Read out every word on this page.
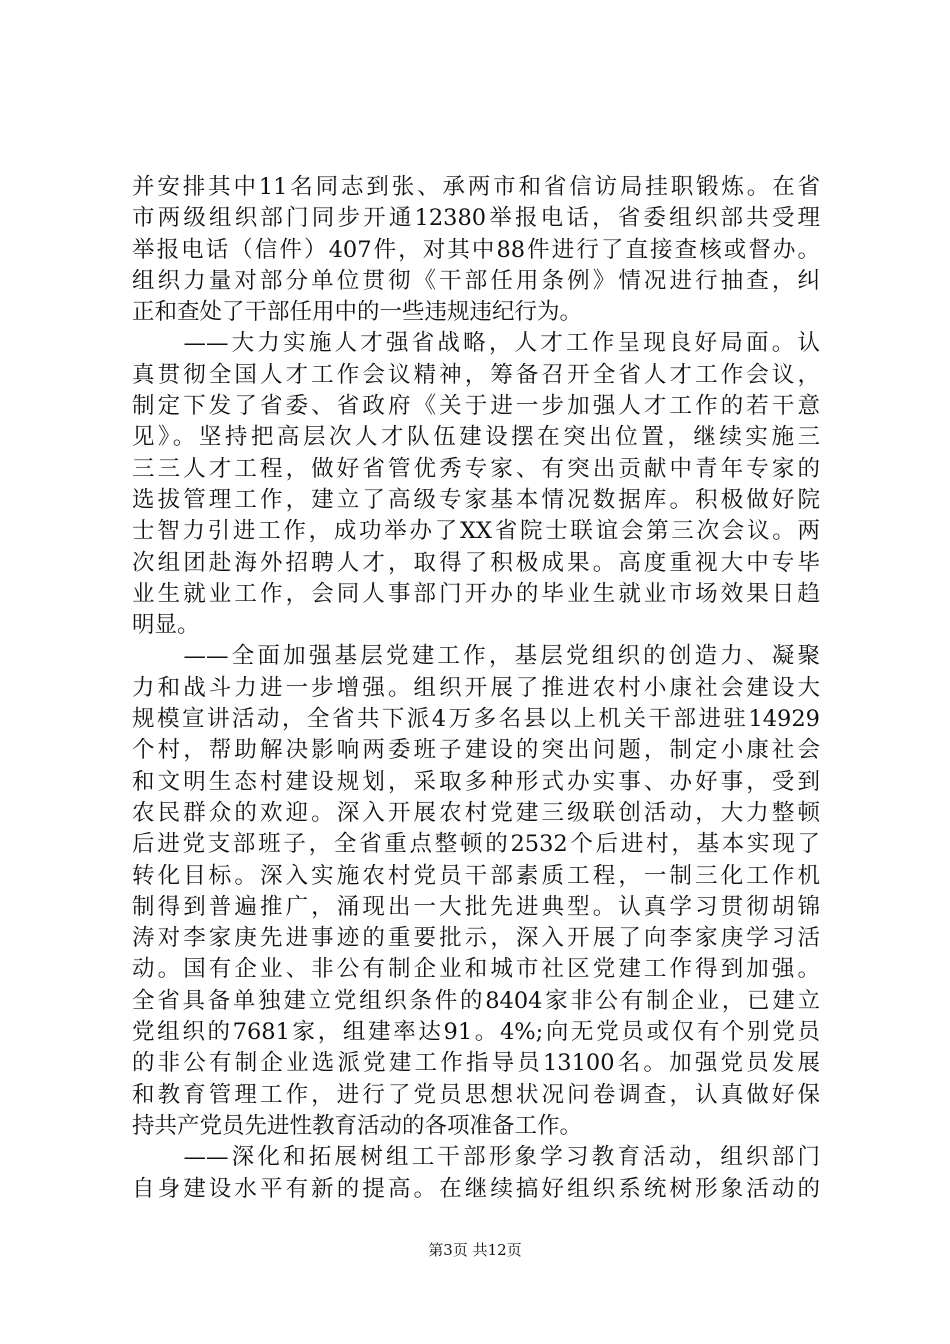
并安排其中11名同志到张、承两市和省信访局挂职锻炼。在省
市两级组织部门同步开通12380举报电话，省委组织部共受理
举报电话（信件）407件，对其中88件进行了直接查核或督办。
组织力量对部分单位贯彻《干部任用条例》情况进行抽查，纠
正和查处了干部任用中的一些违规违纪行为。
　　——大力实施人才强省战略，人才工作呈现良好局面。认
真贯彻全国人才工作会议精神，筹备召开全省人才工作会议，
制定下发了省委、省政府《关于进一步加强人才工作的若干意
见》。坚持把高层次人才队伍建设摆在突出位置，继续实施三
三三人才工程，做好省管优秀专家、有突出贡献中青年专家的
选拔管理工作，建立了高级专家基本情况数据库。积极做好院
士智力引进工作，成功举办了XX省院士联谊会第三次会议。两
次组团赴海外招聘人才，取得了积极成果。高度重视大中专毕
业生就业工作，会同人事部门开办的毕业生就业市场效果日趋
明显。
　　——全面加强基层党建工作，基层党组织的创造力、凝聚
力和战斗力进一步增强。组织开展了推进农村小康社会建设大
规模宣讲活动，全省共下派4万多名县以上机关干部进驻14929
个村，帮助解决影响两委班子建设的突出问题，制定小康社会
和文明生态村建设规划，采取多种形式办实事、办好事，受到
农民群众的欢迎。深入开展农村党建三级联创活动，大力整顿
后进党支部班子，全省重点整顿的2532个后进村，基本实现了
转化目标。深入实施农村党员干部素质工程，一制三化工作机
制得到普遍推广，涌现出一大批先进典型。认真学习贯彻胡锦
涛对李家庚先进事迹的重要批示，深入开展了向李家庚学习活
动。国有企业、非公有制企业和城市社区党建工作得到加强。
全省具备单独建立党组织条件的8404家非公有制企业，已建立
党组织的7681家，组建率达91。4%;向无党员或仅有个别党员
的非公有制企业选派党建工作指导员13100名。加强党员发展
和教育管理工作，进行了党员思想状况问卷调查，认真做好保
持共产党员先进性教育活动的各项准备工作。
　　——深化和拓展树组工干部形象学习教育活动，组织部门
自身建设水平有新的提高。在继续搞好组织系统树形象活动的
第3页 共12页
